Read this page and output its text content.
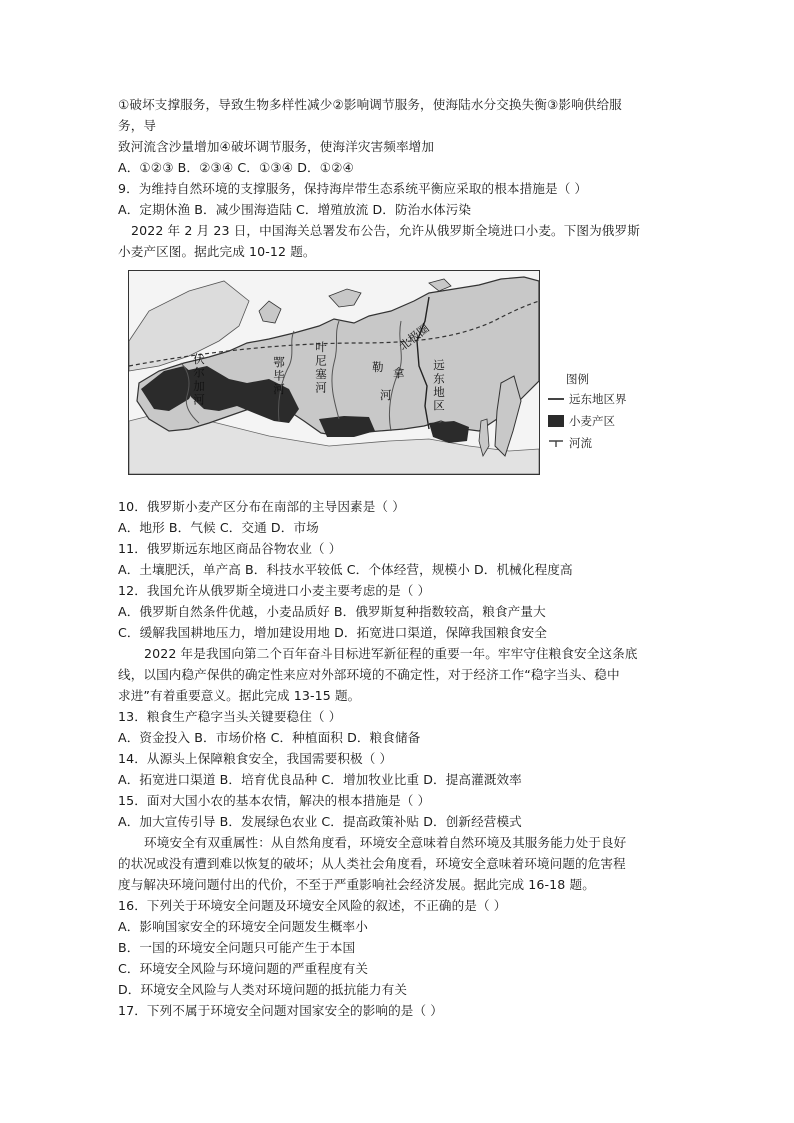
①破坏支撑服务，导致生物多样性减少②影响调节服务，使海陆水分交换失衡③影响供给服
务，导
致河流含沙量增加④破坏调节服务，使海洋灾害频率增加
A．①②③ B．②③④ C．①③④ D．①②④
9．为维持自然环境的支撑服务，保持海岸带生态系统平衡应采取的根本措施是（ ）
A．定期休渔 B．减少围海造陆 C．增殖放流 D．防治水体污染
2022 年 2 月 23 日，中国海关总署发布公告，允许从俄罗斯全境进口小麦。下图为俄罗斯
小麦产区图。据此完成 10-12 题。
伏尔加河	鄂毕河 叶尼塞河	勒 拿
河	远东地区
北极圈
图例
远东地区界
小麦产区
河流
10．俄罗斯小麦产区分布在南部的主导因素是（ ）
A．地形 B．气候 C．交通 D．市场
11．俄罗斯远东地区商品谷物农业（ ）
A．土壤肥沃，单产高 B．科技水平较低 C．个体经营，规模小 D．机械化程度高
12．我国允许从俄罗斯全境进口小麦主要考虑的是（ ）
A．俄罗斯自然条件优越，小麦品质好 B．俄罗斯复种指数较高，粮食产量大
C．缓解我国耕地压力，增加建设用地 D．拓宽进口渠道，保障我国粮食安全
2022 年是我国向第二个百年奋斗目标进军新征程的重要一年。牢牢守住粮食安全这条底
线，以国内稳产保供的确定性来应对外部环境的不确定性，对于经济工作“稳字当头、稳中
求进”有着重要意义。据此完成 13-15 题。
13．粮食生产稳字当头关键要稳住（ ）
A．资金投入 B．市场价格 C．种植面积 D．粮食储备
14．从源头上保障粮食安全，我国需要积极（ ）
A．拓宽进口渠道 B．培育优良品种 C．增加牧业比重 D．提高灌溉效率
15．面对大国小农的基本农情，解决的根本措施是（ ）
A．加大宣传引导 B．发展绿色农业 C．提高政策补贴 D．创新经营模式
环境安全有双重属性：从自然角度看，环境安全意味着自然环境及其服务能力处于良好
的状况或没有遭到难以恢复的破坏；从人类社会角度看，环境安全意味着环境问题的危害程
度与解决环境问题付出的代价，不至于严重影响社会经济发展。据此完成 16-18 题。
16．下列关于环境安全问题及环境安全风险的叙述，不正确的是（ ）
A．影响国家安全的环境安全问题发生概率小
B．一国的环境安全问题只可能产生于本国
C．环境安全风险与环境问题的严重程度有关
D．环境安全风险与人类对环境问题的抵抗能力有关
17．下列不属于环境安全问题对国家安全的影响的是（ ）
